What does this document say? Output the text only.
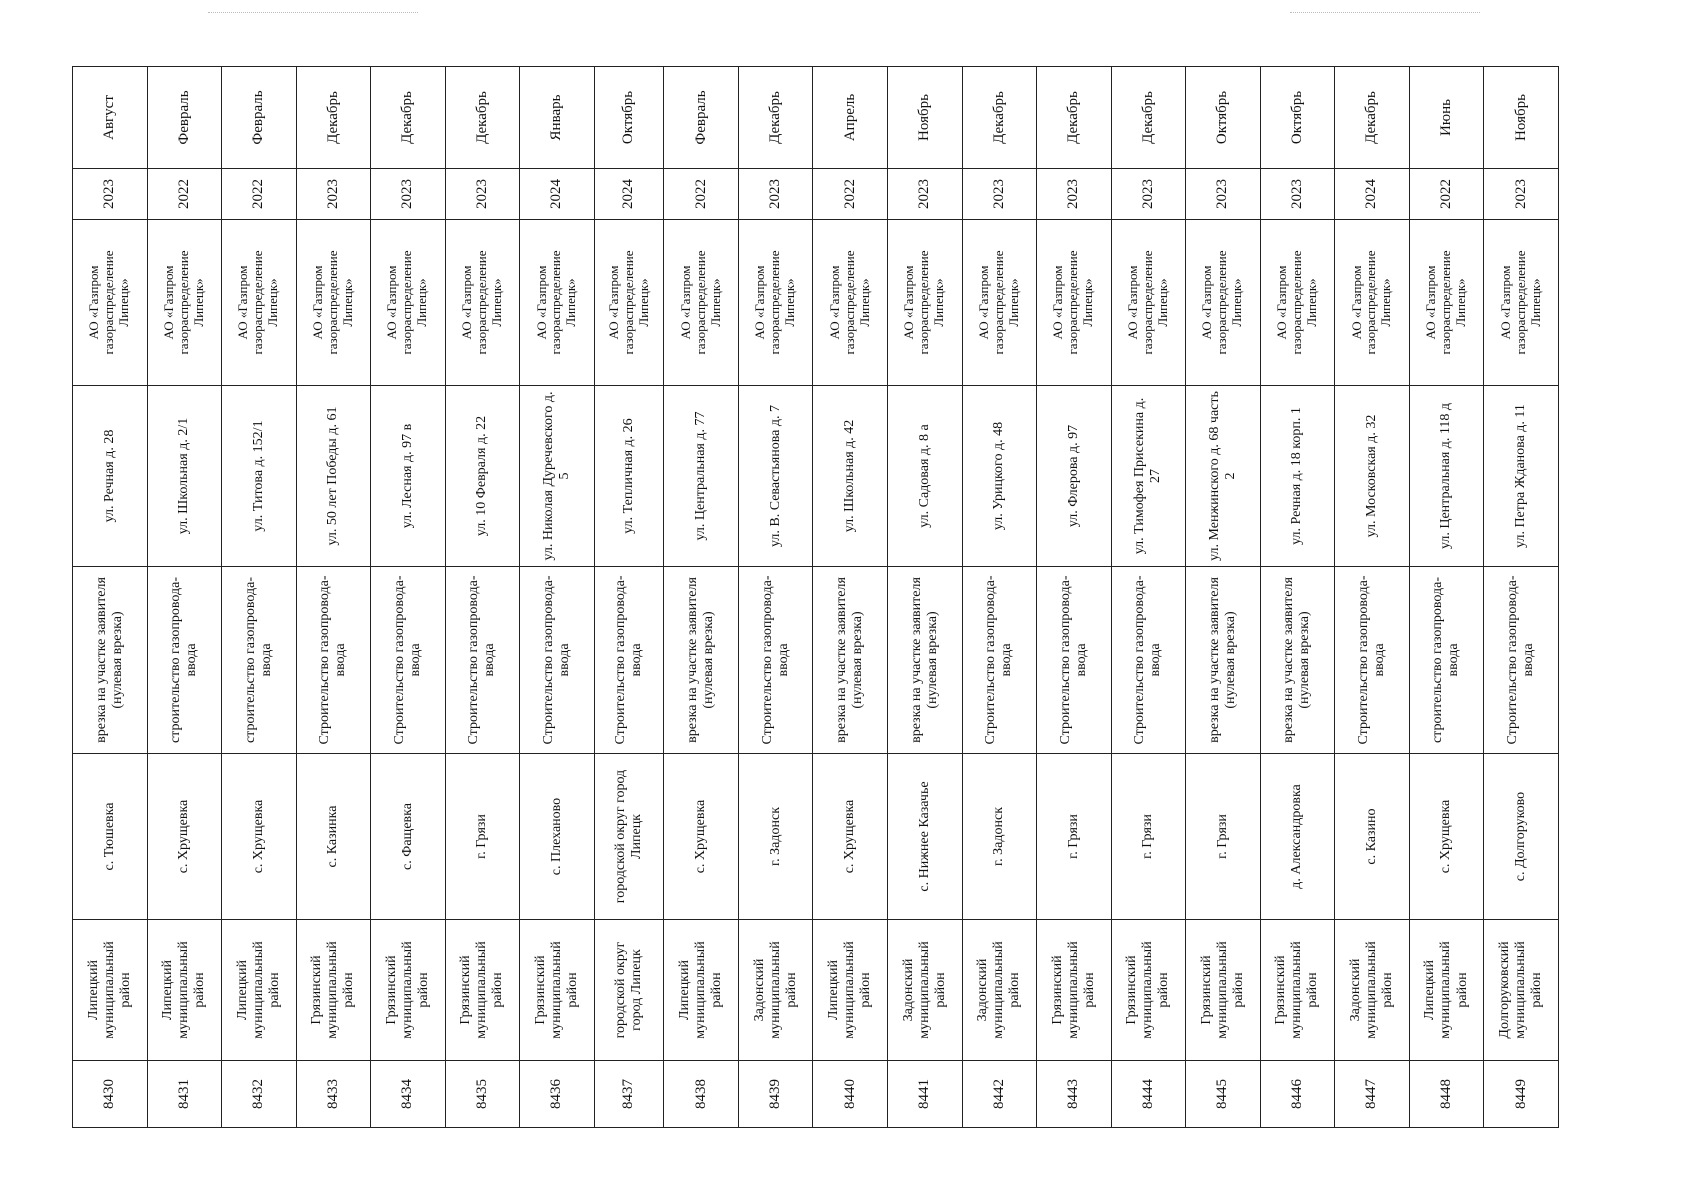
8430	Липецкий муниципальный район	с. Тюшевка	врезка на участке заявителя (нулевая врезка)	ул. Речная д. 28	АО «Газпром газораспределение Липецк»	2023	Август
8431	Липецкий муниципальный район	с. Хрущевка	строительство газопровода-ввода	ул. Школьная д. 2/1	АО «Газпром газораспределение Липецк»	2022	Февраль
8432	Липецкий муниципальный район	с. Хрущевка	строительство газопровода-ввода	ул. Титова д. 152/1	АО «Газпром газораспределение Липецк»	2022	Февраль
8433	Грязинский муниципальный район	с. Казинка	Строительство газопровода-ввода	ул. 50 лет Победы д. 61	АО «Газпром газораспределение Липецк»	2023	Декабрь
8434	Грязинский муниципальный район	с. Фащевка	Строительство газопровода-ввода	ул. Лесная д. 97 в	АО «Газпром газораспределение Липецк»	2023	Декабрь
8435	Грязинский муниципальный район	г. Грязи	Строительство газопровода-ввода	ул. 10 Февраля д. 22	АО «Газпром газораспределение Липецк»	2023	Декабрь
8436	Грязинский муниципальный район	с. Плеханово	Строительство газопровода-ввода	ул. Николая Дуречевского д. 5	АО «Газпром газораспределение Липецк»	2024	Январь
8437	городской округ город Липецк	городской округ город Липецк	Строительство газопровода-ввода	ул. Тепличная д. 26	АО «Газпром газораспределение Липецк»	2024	Октябрь
8438	Липецкий муниципальный район	с. Хрущевка	врезка на участке заявителя (нулевая врезка)	ул. Центральная д. 77	АО «Газпром газораспределение Липецк»	2022	Февраль
8439	Задонский муниципальный район	г. Задонск	Строительство газопровода-ввода	ул. В. Севастьянова д. 7	АО «Газпром газораспределение Липецк»	2023	Декабрь
8440	Липецкий муниципальный район	с. Хрущевка	врезка на участке заявителя (нулевая врезка)	ул. Школьная д. 42	АО «Газпром газораспределение Липецк»	2022	Апрель
8441	Задонский муниципальный район	с. Нижнее Казачье	врезка на участке заявителя (нулевая врезка)	ул. Садовая д. 8 а	АО «Газпром газораспределение Липецк»	2023	Ноябрь
8442	Задонский муниципальный район	г. Задонск	Строительство газопровода-ввода	ул. Урицкого д. 48	АО «Газпром газораспределение Липецк»	2023	Декабрь
8443	Грязинский муниципальный район	г. Грязи	Строительство газопровода-ввода	ул. Флерова д. 97	АО «Газпром газораспределение Липецк»	2023	Декабрь
8444	Грязинский муниципальный район	г. Грязи	Строительство газопровода-ввода	ул. Тимофея Присекина д. 27	АО «Газпром газораспределение Липецк»	2023	Декабрь
8445	Грязинский муниципальный район	г. Грязи	врезка на участке заявителя (нулевая врезка)	ул. Менжинского д. 68 часть 2	АО «Газпром газораспределение Липецк»	2023	Октябрь
8446	Грязинский муниципальный район	д. Александровка	врезка на участке заявителя (нулевая врезка)	ул. Речная д. 18 корп. 1	АО «Газпром газораспределение Липецк»	2023	Октябрь
8447	Задонский муниципальный район	с. Казино	Строительство газопровода-ввода	ул. Московская д. 32	АО «Газпром газораспределение Липецк»	2024	Декабрь
8448	Липецкий муниципальный район	с. Хрущевка	строительство газопровода-ввода	ул. Центральная д. 118 д	АО «Газпром газораспределение Липецк»	2022	Июнь
8449	Долгоруковский муниципальный район	с. Долгоруково	Строительство газопровода-ввода	ул. Петра Жданова д. 11	АО «Газпром газораспределение Липецк»	2023	Ноябрь
